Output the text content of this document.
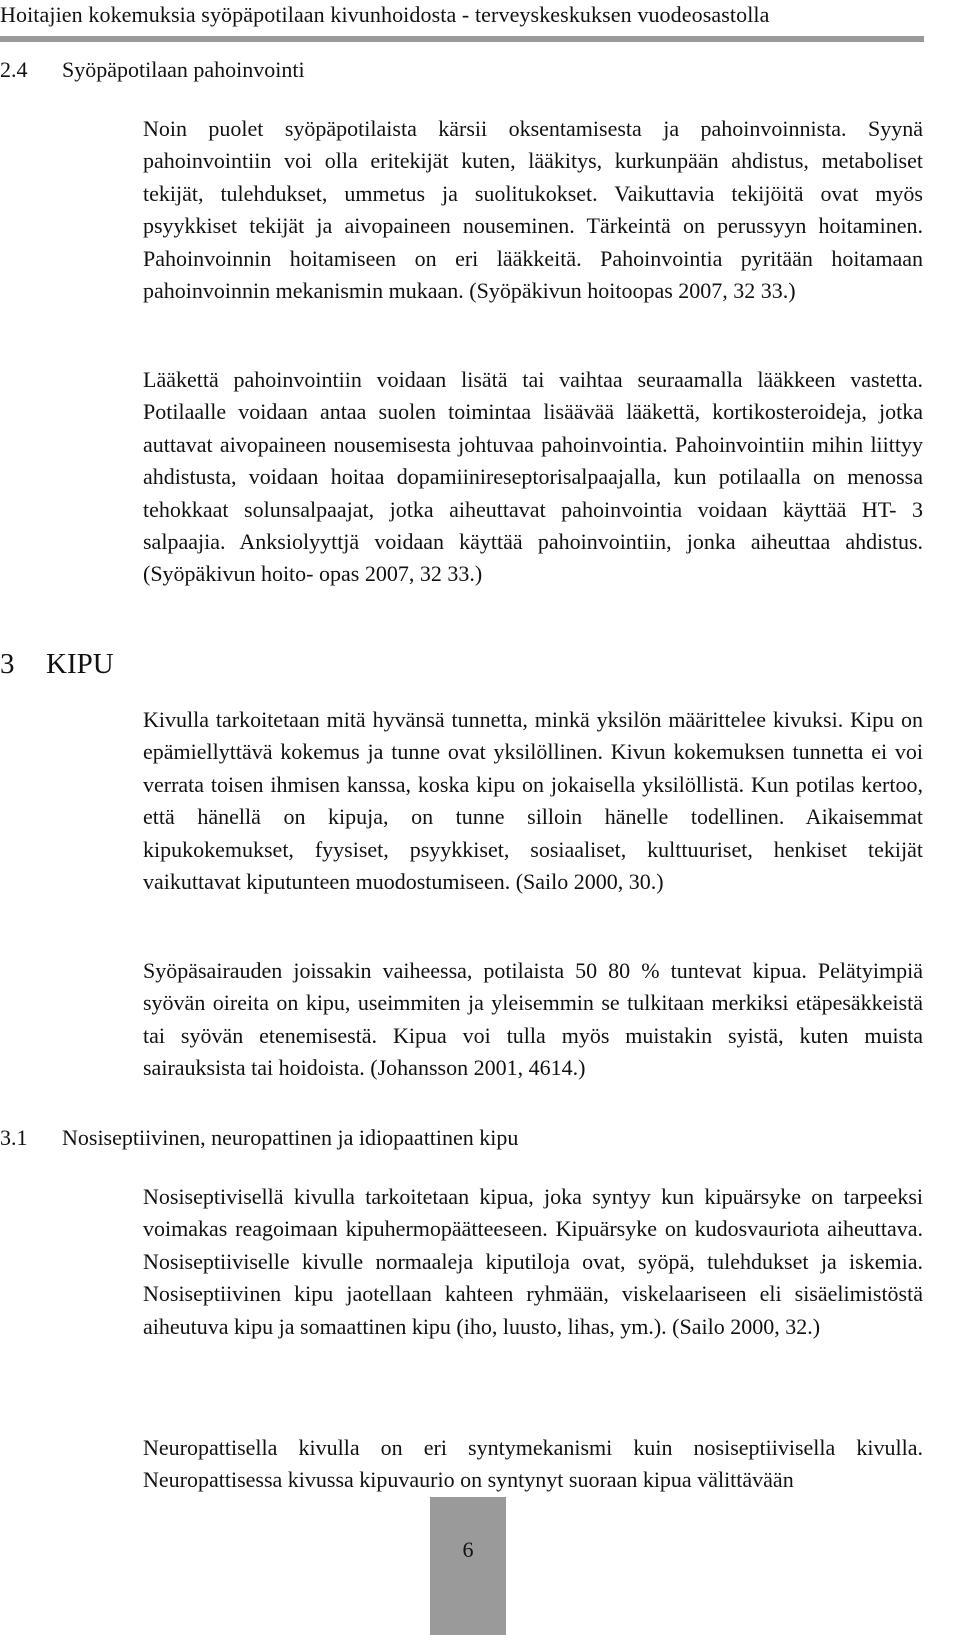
Hoitajien kokemuksia syöpäpotilaan kivunhoidosta - terveyskeskuksen vuodeosastolla
2.4 Syöpäpotilaan pahoinvointi

Noin puolet syöpäpotilaista kärsii oksentamisesta ja pahoinvoinnista. Syynä pahoinvointiin voi olla eritekijät kuten, lääkitys, kurkunpään ahdistus, metaboliset tekijät, tulehdukset, ummetus ja suolitukokset. Vaikuttavia tekijöitä ovat myös psyykkiset tekijät ja aivopaineen nouseminen. Tärkeintä on perussyyn hoitaminen. Pahoinvoinnin hoitamiseen on eri lääkkeitä. Pahoinvointia pyritään hoitamaan pahoinvoinnin mekanismin mukaan. (Syöpäkivun hoitoopas 2007, 32 33.)

Lääkettä pahoinvointiin voidaan lisätä tai vaihtaa seuraamalla lääkkeen vastetta. Potilaalle voidaan antaa suolen toimintaa lisäävää lääkettä, kortikosteroideja, jotka auttavat aivopaineen nousemisesta johtuvaa pahoinvointia. Pahoinvointiin mihin liittyy ahdistusta, voidaan hoitaa dopamiinireseptorisalpaajalla, kun potilaalla on menossa tehokkaat solunsalpaajat, jotka aiheuttavat pahoinvointia voidaan käyttää HT- 3 salpaajia. Anksiolyyttjä voidaan käyttää pahoinvointiin, jonka aiheuttaa ahdistus. (Syöpäkivun hoito- opas 2007, 32 33.)

3 KIPU

Kivulla tarkoitetaan mitä hyvänsä tunnetta, minkä yksilön määrittelee kivuksi. Kipu on epämiellyttävä kokemus ja tunne ovat yksilöllinen. Kivun kokemuksen tunnetta ei voi verrata toisen ihmisen kanssa, koska kipu on jokaisella yksilöllistä. Kun potilas kertoo, että hänellä on kipuja, on tunne silloin hänelle todellinen. Aikaisemmat kipukokemukset, fyysiset, psyykkiset, sosiaaliset, kulttuuriset, henkiset tekijät vaikuttavat kiputunteen muodostumiseen. (Sailo 2000, 30.)

Syöpäsairauden joissakin vaiheessa, potilaista 50 80 % tuntevat kipua. Pelätyimpiä syövän oireita on kipu, useimmiten ja yleisemmin se tulkitaan merkiksi etäpesäkkeistä tai syövän etenemisestä. Kipua voi tulla myös muistakin syistä, kuten muista sairauksista tai hoidoista. (Johansson 2001, 4614.)

3.1 Nosiseptiivinen, neuropattinen ja idiopaattinen kipu

Nosiseptivisellä kivulla tarkoitetaan kipua, joka syntyy kun kipuärsyke on tarpeeksi voimakas reagoimaan kipuhermopäätteeseen. Kipuärsyke on kudosvauriota aiheuttava. Nosiseptiiviselle kivulle normaaleja kiputiloja ovat, syöpä, tulehdukset ja iskemia. Nosiseptiivinen kipu jaotellaan kahteen ryhmään, viskelaariseen eli sisäelimistöstä aiheutuva kipu ja somaattinen kipu (iho, luusto, lihas, ym.). (Sailo 2000, 32.)

Neuropattisella kivulla on eri syntymekanismi kuin nosiseptiivisella kivulla. Neuropattisessa kivussa kipuvaurio on syntynyt suoraan kipua välittävään

6
